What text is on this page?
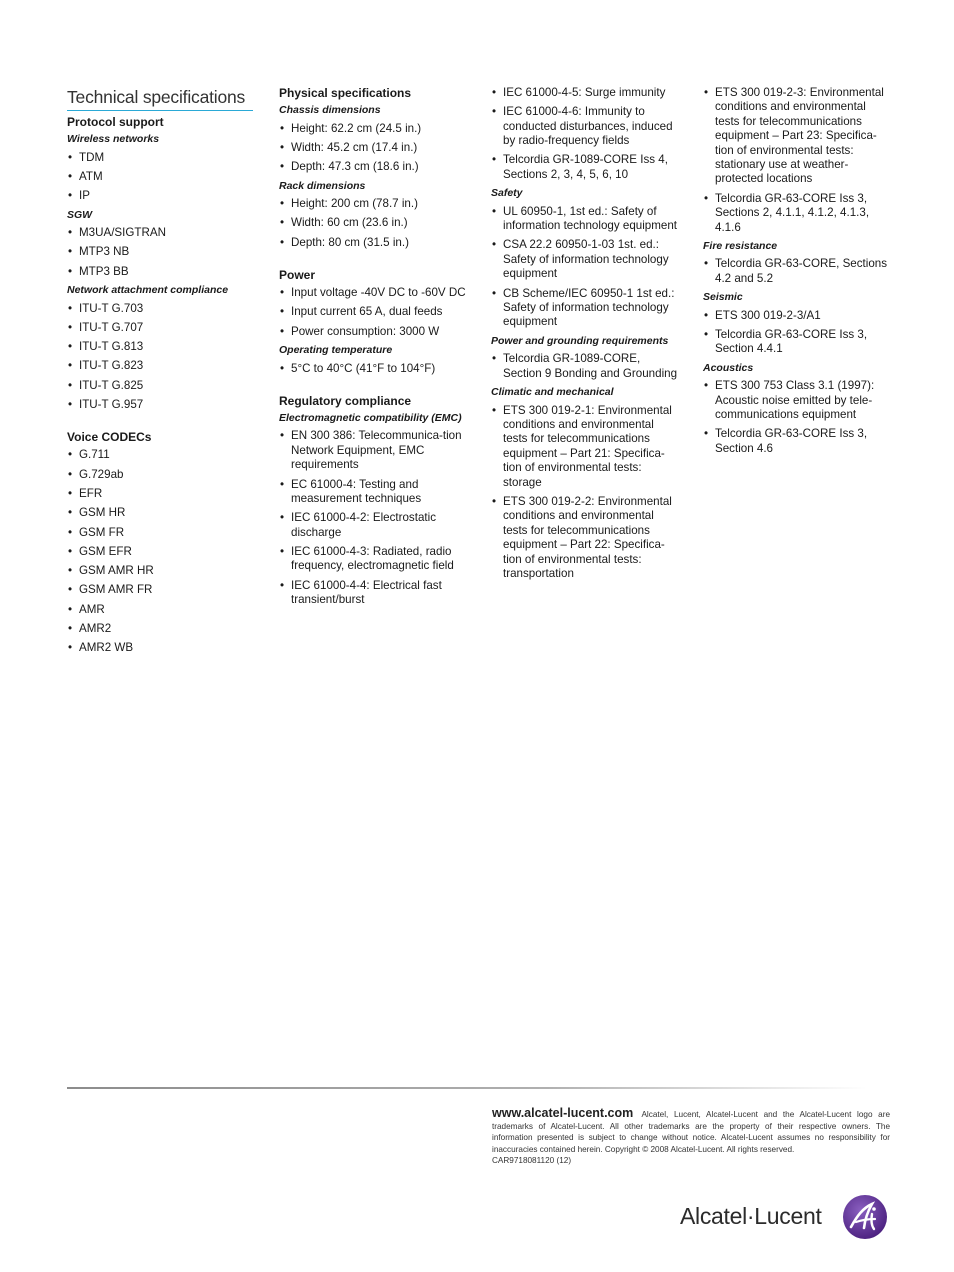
Technical specifications
Protocol support
Wireless networks
• TDM
• ATM
• IP
SGW
• M3UA/SIGTRAN
• MTP3 NB
• MTP3 BB
Network attachment compliance
• ITU-T G.703
• ITU-T G.707
• ITU-T G.813
• ITU-T G.823
• ITU-T G.825
• ITU-T G.957
Voice CODECs
• G.711
• G.729ab
• EFR
• GSM HR
• GSM FR
• GSM EFR
• GSM AMR HR
• GSM AMR FR
• AMR
• AMR2
• AMR2 WB
Physical specifications
Chassis dimensions
• Height: 62.2 cm (24.5 in.)
• Width: 45.2 cm (17.4 in.)
• Depth: 47.3 cm (18.6 in.)
Rack dimensions
• Height: 200 cm (78.7 in.)
• Width: 60 cm (23.6 in.)
• Depth: 80 cm (31.5 in.)
Power
• Input voltage -40V DC to -60V DC
• Input current 65 A, dual feeds
• Power consumption: 3000 W
Operating temperature
• 5°C to 40°C (41°F to 104°F)
Regulatory compliance
Electromagnetic compatibility (EMC)
• EN 300 386: Telecommunica-tion Network Equipment, EMC requirements
• EC 61000-4: Testing and measurement techniques
• IEC 61000-4-2: Electrostatic discharge
• IEC 61000-4-3: Radiated, radio frequency, electromagnetic field
• IEC 61000-4-4: Electrical fast transient/burst
• IEC 61000-4-5: Surge immunity
• IEC 61000-4-6: Immunity to conducted disturbances, induced by radio-frequency fields
• Telcordia GR-1089-CORE Iss 4, Sections 2, 3, 4, 5, 6, 10
Safety
• UL 60950-1, 1st ed.: Safety of information technology equipment
• CSA 22.2 60950-1-03 1st. ed.: Safety of information technology equipment
• CB Scheme/IEC 60950-1 1st ed.: Safety of information technology equipment
Power and grounding requirements
• Telcordia GR-1089-CORE, Section 9 Bonding and Grounding
Climatic and mechanical
• ETS 300 019-2-1: Environmental conditions and environmental tests for telecommunications equipment – Part 21: Specifica-tion of environmental tests: storage
• ETS 300 019-2-2: Environmental conditions and environmental tests for telecommunications equipment – Part 22: Specifica-tion of environmental tests: transportation
• ETS 300 019-2-3: Environmental conditions and environmental tests for telecommunications equipment – Part 23: Specifica-tion of environmental tests: stationary use at weather-protected locations
• Telcordia GR-63-CORE Iss 3, Sections 2, 4.1.1, 4.1.2, 4.1.3, 4.1.6
Fire resistance
• Telcordia GR-63-CORE, Sections 4.2 and 5.2
Seismic
• ETS 300 019-2-3/A1
• Telcordia GR-63-CORE Iss 3, Section 4.4.1
Acoustics
• ETS 300 753 Class 3.1 (1997): Acoustic noise emitted by tele-communications equipment
• Telcordia GR-63-CORE Iss 3, Section 4.6
www.alcatel-lucent.com Alcatel, Lucent, Alcatel-Lucent and the Alcatel-Lucent logo are trademarks of Alcatel-Lucent. All other trademarks are the property of their respective owners. The information presented is subject to change without notice. Alcatel-Lucent assumes no responsibility for inaccuracies contained herein. Copyright © 2008 Alcatel-Lucent. All rights reserved.
CAR9718081120 (12)
Alcatel·Lucent
